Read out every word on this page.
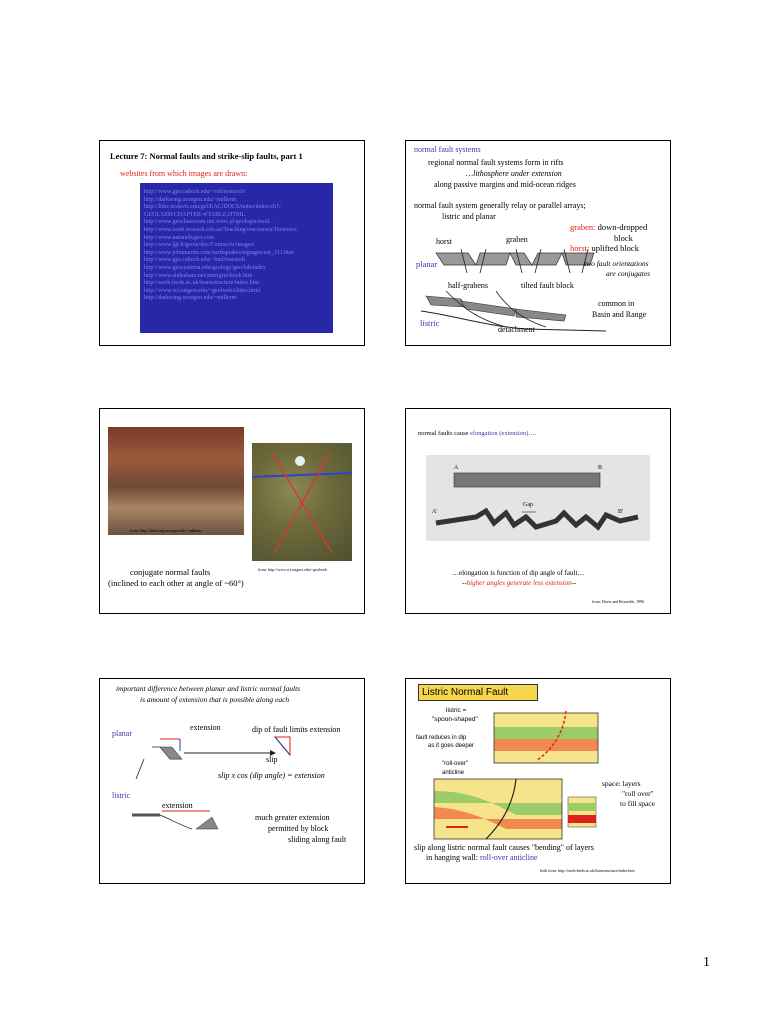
Lecture 7: Normal faults and strike-slip faults, part 1
websites from which images are drawn:
http://www.gps.caltech.edu/~rob/research/
http://darkwing.uoregon.edu/~millerm
http://lithe.ucdavis.edu/gel/EAC/DOCS/notes/index/ch7/
GEOL3200/CHAPTER-4/TABLE.HTML
http://www.geoclassroom.uni.wroc.pl/geologia/mod...
http://www.earth.monash.edu.au/Teaching/mscourses/Tectonics
http://www.naturallygeo.com
http://www.lgt.lt/geoin/doc/Course/ru/images/
http://www.johnmartin.com/earthquakes/eqpages/ear_311.htm
http://www.gps.caltech.edu/~bud/research
http://www.geosystema.edu/geology/geo/lab/index
http://www.slideshare.net/ameigrei/book.htm
http://earth.leeds.ac.uk/learnstructure/index.htm
http://www.rci.rutgers.edu/~geolweb/slides.html
http://darkwing.uoregon.edu/~millerm
normal fault systems
regional normal fault systems form in rifts
…lithosphere under extension
along passive margins and mid-ocean ridges
normal fault system generally relay or parallel arrays;
listric and planar
graben: down-dropped
block
horst: uplifted block
horst	graben
planar	two fault orientations
are conjugates
half-grabens	tilted fault block
common in
Basin and Range
listric
detachment
from: http://darkwing.uoregon.edu/~millerm
from: http://www.rci.rutgers.edu/~geolweb
conjugate normal faults
(inclined to each other at angle of ~60°)
normal faults cause elongation (extension)….
A	B
A'	B'
Gap
…elongation is function of dip angle of fault…
--higher angles generate less extension--
from: Davis and Reynolds, 1996
important difference between planar and listric normal faults
is amount of extension that is possible along each
planar
extension	dip of fault limits extension
slip
slip x cos (dip angle) = extension
listric
extension
much greater extension
permitted by block
sliding along fault
Listric Normal Fault
listric =
"spoon-shaped"
fault reduces in dip
as it goes deeper
"roll-over"
anticline
space: layers
"roll over"
to fill space
slip along listric normal fault causes "bending" of layers
in hanging wall: roll-over anticline
both from: http://earth.leeds.ac.uk/learnstructure/index.htm
1
